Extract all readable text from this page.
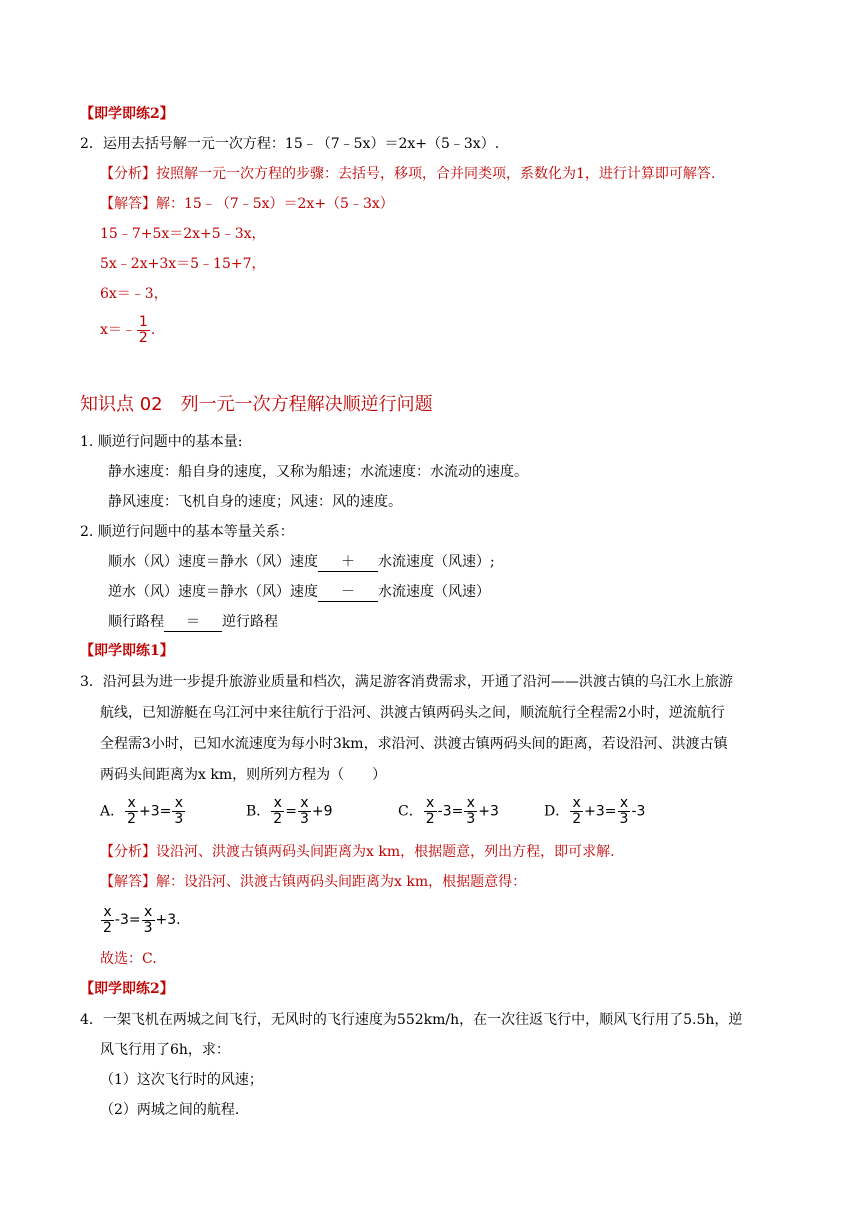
【即学即练2】
2．运用去括号解一元一次方程：15﹣（7﹣5x）＝2x+（5﹣3x）.
【分析】按照解一元一次方程的步骤：去括号，移项，合并同类项，系数化为1，进行计算即可解答.
【解答】解：15﹣（7﹣5x）＝2x+（5﹣3x）
15﹣7+5x＝2x+5﹣3x，
5x﹣2x+3x＝5﹣15+7，
6x＝﹣3，
x＝﹣ $\frac{1}{2}$ .
知识点 02　列一元一次方程解决顺逆行问题
1. 顺逆行问题中的基本量:
静水速度：船自身的速度，又称为船速；水流速度：水流动的速度。
静风速度：飞机自身的速度；风速：风的速度。
2. 顺逆行问题中的基本等量关系：
顺水（风）速度＝静水（风）速度 ＋ 水流速度（风速）;
逆水（风）速度＝静水（风）速度 － 水流速度（风速）
顺行路程 ＝ 逆行路程
【即学即练1】
3．沿河县为进一步提升旅游业质量和档次，满足游客消费需求，开通了沿河——洪渡古镇的乌江水上旅游
航线，已知游艇在乌江河中来往航行于沿河、洪渡古镇两码头之间，顺流航行全程需2小时，逆流航行
全程需3小时，已知水流速度为每小时3km，求沿河、洪渡古镇两码头间的距离，若设沿河、洪渡古镇
两码头间距离为x km，则所列方程为（　　）
A． $\frac{x}{2} +3= \frac{x}{3}$	B． $\frac{x}{2} = \frac{x}{3} +9$	C． $\frac{x}{2} -3= \frac{x}{3} +3$	D． $\frac{x}{2} +3= \frac{x}{3} -3$
【分析】设沿河、洪渡古镇两码头间距离为x km，根据题意，列出方程，即可求解.
【解答】解：设沿河、洪渡古镇两码头间距离为x km，根据题意得：
$\frac{x}{2} -3= \frac{x}{3} +3$.
故选：C.
【即学即练2】
4．一架飞机在两城之间飞行，无风时的飞行速度为552km/h，在一次往返飞行中，顺风飞行用了5.5h，逆
风飞行用了6h，求：
（1）这次飞行时的风速；
（2）两城之间的航程.
